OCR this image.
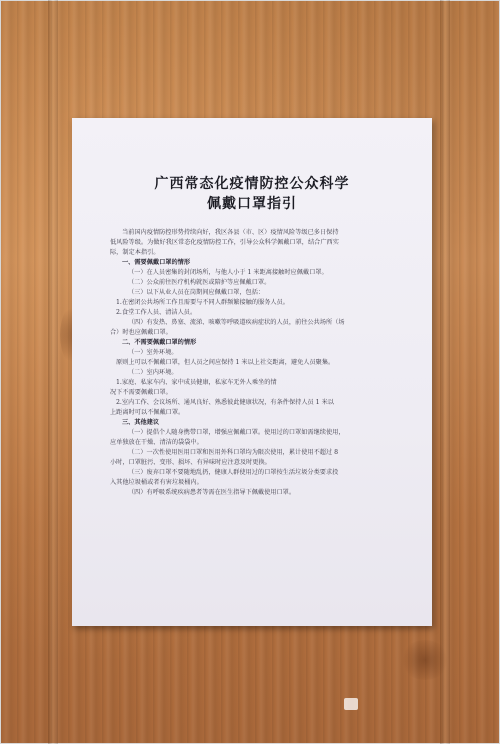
广西常态化疫情防控公众科学
佩戴口罩指引

当前国内疫情防控形势持续向好，我区各县（市、区）疫情风险等级已多日保持

低风险等级。为做好我区常态化疫情防控工作，引导公众科学佩戴口罩，结合广西实

际，制定本指引。

一、需要佩戴口罩的情形

（一）在人员密集的封闭场所，与他人小于 1 米距离接触时应佩戴口罩。

（二）公众前往医疗机构就医或陪护等应佩戴口罩。

（三）以下从业人员在岗期间应佩戴口罩，包括：

1.在密闭公共场所工作且需要与不同人群频繁接触的服务人员。

2.食堂工作人员、清洁人员。

（四）有发热、鼻塞、流涕、咳嗽等呼吸道疾病症状的人员，前往公共场所（场

合）时也应佩戴口罩。

二、不需要佩戴口罩的情形

（一）室外环境。

原则上可以不佩戴口罩，但人员之间应保持 1 米以上社交距离，避免人员聚集。

（二）室内环境。

1.家庭、私家车内、家中成员健康，私家车无外人乘坐的情

况下不需要佩戴口罩。

2.室内工作、会议场所、通风良好、熟悉彼此健康状况，有条件保持人员 1 米以

上距离时可以不佩戴口罩。

三、其他建议

（一）提倡个人随身携带口罩，增强应佩戴口罩。使用过的口罩如需继续使用，

应单独放在干燥、清洁的袋袋中。

（二）一次性使用医用口罩和医用外科口罩均为限次使用，累计使用不超过 8

小时，口罩脏污、变形、损坏、有异味时应注意及时更换。

（三）废弃口罩不要随地乱扔，健康人群使用过的口罩按生活垃圾分类要求投

入其他垃圾桶或者有害垃圾桶内。

（四）有呼吸系统疾病患者等需在医生指导下佩戴使用口罩。
